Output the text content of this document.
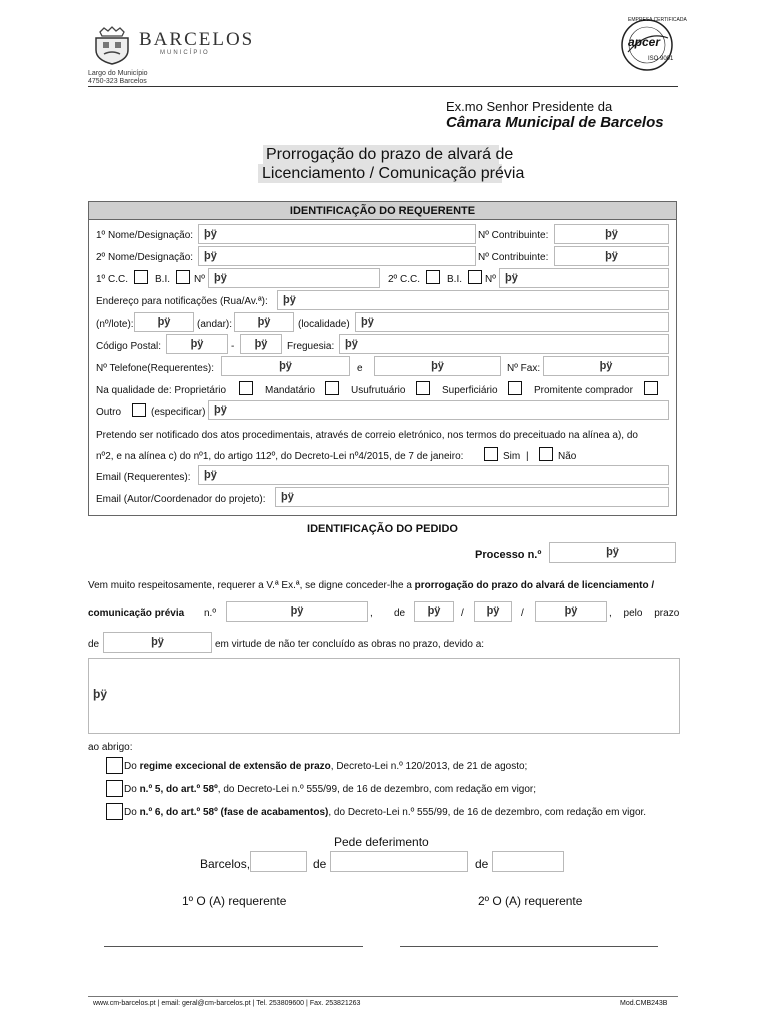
BARCELOS
MUNICÍPIO
Largo do Município
4750-323 Barcelos
EMPRESA CERTIFICADA
apcer
ISO 9001
Ex.mo Senhor Presidente da
Câmara Municipal de Barcelos
Prorrogação do prazo de alvará de
Licenciamento / Comunicação prévia
IDENTIFICAÇÃO DO REQUERENTE
1º Nome/Designação: þÿ	Nº Contribuinte:	þÿ
2º Nome/Designação: þÿ	Nº Contribuinte:	þÿ
1º C.C.	B.I. Nº þÿ	2º C.C.	B.I. Nº þÿ
Endereço para notificações (Rua/Av.ª): þÿ
(nº/lote):	þÿ	(andar):	þÿ	(localidade) þÿ
Código Postal:	þÿ	-	þÿ	Freguesia: þÿ
Nº Telefone(Requerentes):	þÿ	e	þÿ	Nº Fax:	þÿ
Na qualidade de: Proprietário	Mandatário	Usufrutuário	Superficiário	Promitente comprador
Outro	(especificar) þÿ
Pretendo ser notificado dos atos procedimentais, através de correio eletrónico, nos termos do preceituado na alínea a), do
nº2, e na alínea c) do nº1, do artigo 112º, do Decreto-Lei nº4/2015, de 7 de janeiro:	Sim |	Não
Email (Requerentes): þÿ
Email (Autor/Coordenador do projeto): þÿ
IDENTIFICAÇÃO DO PEDIDO
Processo n.º	þÿ
Vem muito respeitosamente, requerer a V.ª Ex.ª, se digne conceder-lhe a prorrogação do prazo do alvará de licenciamento /
comunicação prévia n.º	þÿ	, de	þÿ	/	þÿ	/	þÿ	, pelo prazo
de	þÿ	em virtude de não ter concluído as obras no prazo, devido a:
þÿ
ao abrigo:
Do regime excecional de extensão de prazo, Decreto-Lei n.º 120/2013, de 21 de agosto;
Do n.º 5, do art.º 58º, do Decreto-Lei n.º 555/99, de 16 de dezembro, com redação em vigor;
Do n.º 6, do art.º 58º (fase de acabamentos), do Decreto-Lei n.º 555/99, de 16 de dezembro, com redação em vigor.
Pede deferimento
Barcelos,	de	de
1º O (A) requerente	2º O (A) requerente
www.cm-barcelos.pt | email: geral@cm-barcelos.pt | Tel. 253809600 | Fax. 253821263	Mod.CMB243B
